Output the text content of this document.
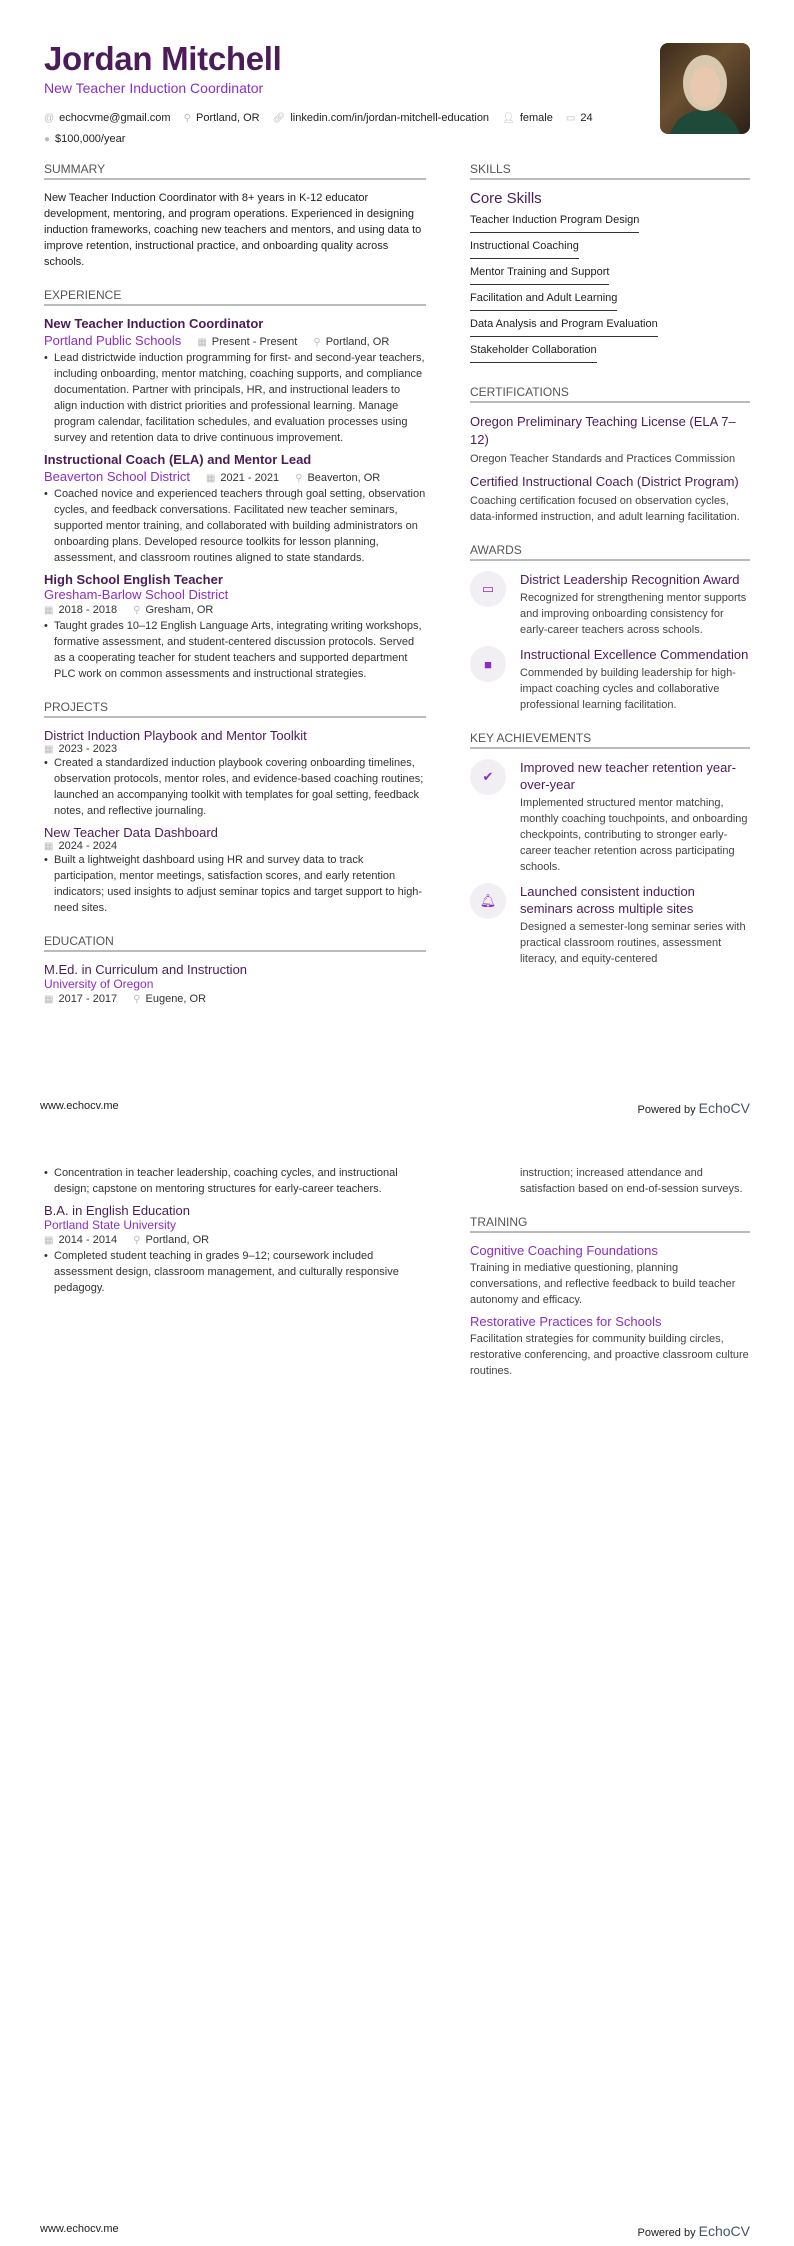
Jordan Mitchell
New Teacher Induction Coordinator
@ echocvme@gmail.com ⚲ Portland, OR 🔗︎ linkedin.com/in/jordan-mitchell-education 👤︎ female ▭ 24
● $100,000/year
SUMMARY
New Teacher Induction Coordinator with 8+ years in K-12 educator development, mentoring, and program operations. Experienced in designing induction frameworks, coaching new teachers and mentors, and using data to improve retention, instructional practice, and onboarding quality across schools.
EXPERIENCE
New Teacher Induction Coordinator
Portland Public Schools ▦ Present - Present ⚲ Portland, OR
• Lead districtwide induction programming for first- and second-year teachers, including onboarding, mentor matching, coaching supports, and compliance documentation. Partner with principals, HR, and instructional leaders to align induction with district priorities and professional learning. Manage program calendar, facilitation schedules, and evaluation processes using survey and retention data to drive continuous improvement.
Instructional Coach (ELA) and Mentor Lead
Beaverton School District ▦ 2021 - 2021 ⚲ Beaverton, OR
• Coached novice and experienced teachers through goal setting, observation cycles, and feedback conversations. Facilitated new teacher seminars, supported mentor training, and collaborated with building administrators on onboarding plans. Developed resource toolkits for lesson planning, assessment, and classroom routines aligned to state standards.
High School English Teacher
Gresham-Barlow School District
▦ 2018 - 2018 ⚲ Gresham, OR
• Taught grades 10–12 English Language Arts, integrating writing workshops, formative assessment, and student-centered discussion protocols. Served as a cooperating teacher for student teachers and supported department PLC work on common assessments and instructional strategies.
PROJECTS
District Induction Playbook and Mentor Toolkit
▦ 2023 - 2023
• Created a standardized induction playbook covering onboarding timelines, observation protocols, mentor roles, and evidence-based coaching routines; launched an accompanying toolkit with templates for goal setting, feedback notes, and reflective journaling.
New Teacher Data Dashboard
▦ 2024 - 2024
• Built a lightweight dashboard using HR and survey data to track participation, mentor meetings, satisfaction scores, and early retention indicators; used insights to adjust seminar topics and target support to high-need sites.
EDUCATION
M.Ed. in Curriculum and Instruction
University of Oregon
▦ 2017 - 2017 ⚲ Eugene, OR
SKILLS
Core Skills
Teacher Induction Program Design
Instructional Coaching
Mentor Training and Support
Facilitation and Adult Learning
Data Analysis and Program Evaluation
Stakeholder Collaboration
CERTIFICATIONS
Oregon Preliminary Teaching License (ELA 7–12)
Oregon Teacher Standards and Practices Commission
Certified Instructional Coach (District Program)
Coaching certification focused on observation cycles, data-informed instruction, and adult learning facilitation.
AWARDS
▭
District Leadership Recognition Award
Recognized for strengthening mentor supports and improving onboarding consistency for early-career teachers across schools.
■
Instructional Excellence Commendation
Commended by building leadership for high-impact coaching cycles and collaborative professional learning facilitation.
KEY ACHIEVEMENTS
✔
Improved new teacher retention year-over-year
Implemented structured mentor matching, monthly coaching touchpoints, and onboarding checkpoints, contributing to stronger early-career teacher retention across participating schools.
🔔︎
Launched consistent induction seminars across multiple sites
Designed a semester-long seminar series with practical classroom routines, assessment literacy, and equity-centered
www.echocv.me	Powered by EchoCV
• Concentration in teacher leadership, coaching cycles, and instructional design; capstone on mentoring structures for early-career teachers.
B.A. in English Education
Portland State University
▦ 2014 - 2014 ⚲ Portland, OR
• Completed student teaching in grades 9–12; coursework included assessment design, classroom management, and culturally responsive pedagogy.
instruction; increased attendance and satisfaction based on end-of-session surveys.
TRAINING
Cognitive Coaching Foundations
Training in mediative questioning, planning conversations, and reflective feedback to build teacher autonomy and efficacy.
Restorative Practices for Schools
Facilitation strategies for community building circles, restorative conferencing, and proactive classroom culture routines.
www.echocv.me	Powered by EchoCV
